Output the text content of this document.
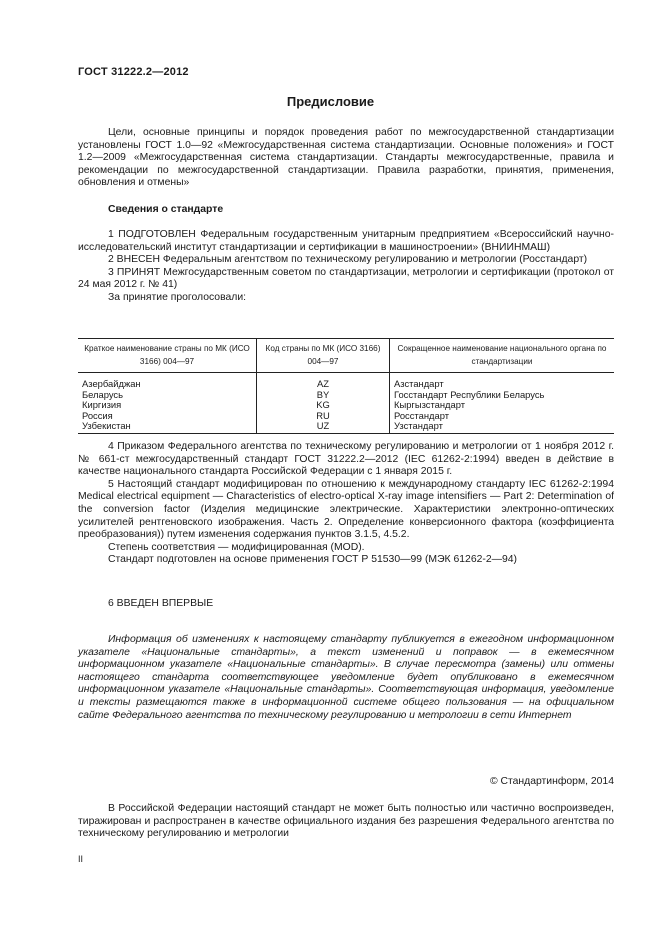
ГОСТ 31222.2—2012
Предисловие

Цели, основные принципы и порядок проведения работ по межгосударственной стандартизации установлены ГОСТ 1.0—92 «Межгосударственная система стандартизации. Основные положения» и ГОСТ 1.2—2009 «Межгосударственная система стандартизации. Стандарты межгосударственные, правила и рекомендации по межгосударственной стандартизации. Правила разработки, принятия, применения, обновления и отмены»

Сведения о стандарте

1 ПОДГОТОВЛЕН Федеральным государственным унитарным предприятием «Всероссийский научно-исследовательский институт стандартизации и сертификации в машиностроении» (ВНИИНМАШ)

2 ВНЕСЕН Федеральным агентством по техническому регулированию и метрологии (Росстандарт)

3 ПРИНЯТ Межгосударственным советом по стандартизации, метрологии и сертификации (протокол от 24 мая 2012 г. № 41)

За принятие проголосовали:

Краткое наименование страны по МК (ИСО 3166) 004—97	Код страны по МК (ИСО 3166) 004—97	Сокращенное наименование национального органа по стандартизации
Азербайджан	AZ	Азстандарт
Беларусь	BY	Госстандарт Республики Беларусь
Киргизия	KG	Кыргызстандарт
Россия	RU	Росстандарт
Узбекистан	UZ	Узстандарт

4 Приказом Федерального агентства по техническому регулированию и метрологии от 1 ноября 2012 г. № 661-ст межгосударственный стандарт ГОСТ 31222.2—2012 (IEC 61262-2:1994) введен в действие в качестве национального стандарта Российской Федерации с 1 января 2015 г.

5 Настоящий стандарт модифицирован по отношению к международному стандарту IEC 61262-2:1994 Medical electrical equipment — Characteristics of electro-optical X-ray image intensifiers — Part 2: Determination of the conversion factor (Изделия медицинские электрические. Характеристики электронно-оптических усилителей рентгеновского изображения. Часть 2. Определение конверсионного фактора (коэффициента преобразования)) путем изменения содержания пунктов 3.1.5, 4.5.2.

Степень соответствия — модифицированная (MOD).

Стандарт подготовлен на основе применения ГОСТ Р 51530—99 (МЭК 61262-2—94)

6 ВВЕДЕН ВПЕРВЫЕ

Информация об изменениях к настоящему стандарту публикуется в ежегодном информационном указателе «Национальные стандарты», а текст изменений и поправок — в ежемесячном информационном указателе «Национальные стандарты». В случае пересмотра (замены) или отмены настоящего стандарта соответствующее уведомление будет опубликовано в ежемесячном информационном указателе «Национальные стандарты». Соответствующая информация, уведомление и тексты размещаются также в информационной системе общего пользования — на официальном сайте Федерального агентства по техническому регулированию и метрологии в сети Интернет

© Стандартинформ, 2014

В Российской Федерации настоящий стандарт не может быть полностью или частично воспроизведен, тиражирован и распространен в качестве официального издания без разрешения Федерального агентства по техническому регулированию и метрологии

II
